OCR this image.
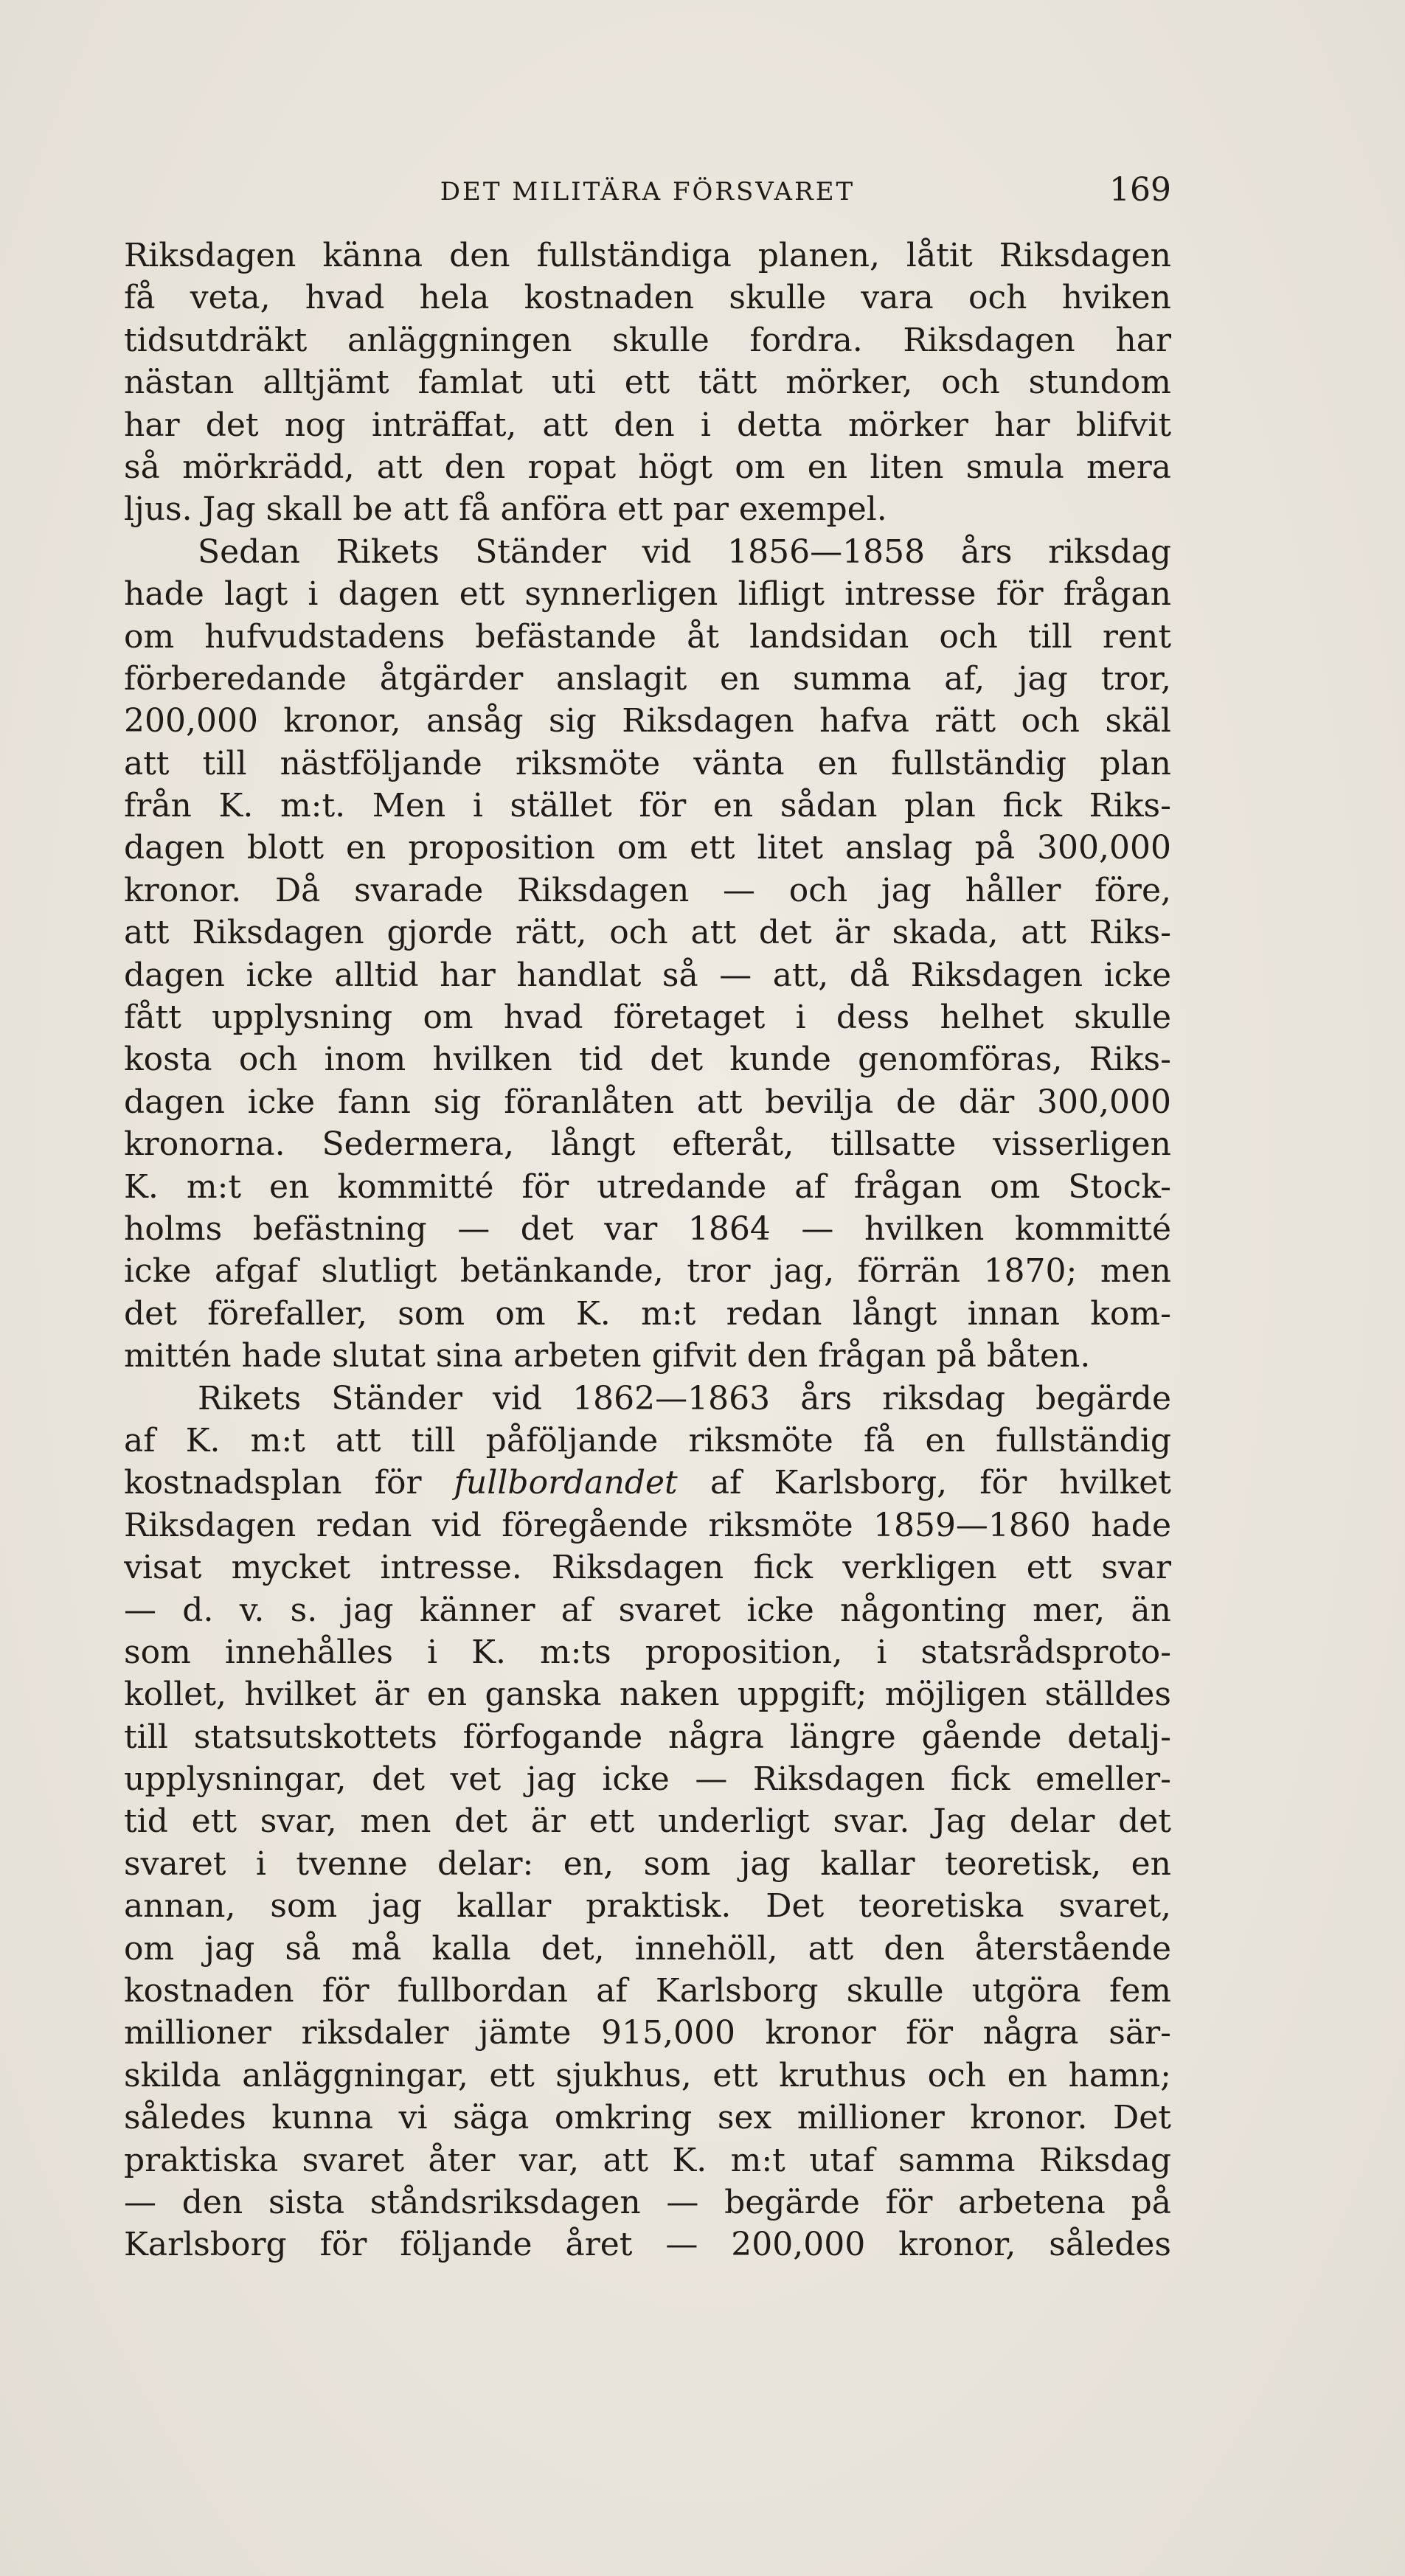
DET MILITÄRA FÖRSVARET	169
Riksdagen känna den fullständiga planen, låtit Riksdagen
få veta, hvad hela kostnaden skulle vara och hviken
tidsutdräkt anläggningen skulle fordra. Riksdagen har
nästan alltjämt famlat uti ett tätt mörker, och stundom
har det nog inträffat, att den i detta mörker har blifvit
så mörkrädd, att den ropat högt om en liten smula mera
ljus. Jag skall be att få anföra ett par exempel.
Sedan Rikets Ständer vid 1856—1858 års riksdag
hade lagt i dagen ett synnerligen lifligt intresse för frågan
om hufvudstadens befästande åt landsidan och till rent
förberedande åtgärder anslagit en summa af, jag tror,
200,000 kronor, ansåg sig Riksdagen hafva rätt och skäl
att till nästföljande riksmöte vänta en fullständig plan
från K. m:t. Men i stället för en sådan plan fick Riks-
dagen blott en proposition om ett litet anslag på 300,000
kronor. Då svarade Riksdagen — och jag håller före,
att Riksdagen gjorde rätt, och att det är skada, att Riks-
dagen icke alltid har handlat så — att, då Riksdagen icke
fått upplysning om hvad företaget i dess helhet skulle
kosta och inom hvilken tid det kunde genomföras, Riks-
dagen icke fann sig föranlåten att bevilja de där 300,000
kronorna. Sedermera, långt efteråt, tillsatte visserligen
K. m:t en kommitté för utredande af frågan om Stock-
holms befästning — det var 1864 — hvilken kommitté
icke afgaf slutligt betänkande, tror jag, förrän 1870; men
det förefaller, som om K. m:t redan långt innan kom-
mittén hade slutat sina arbeten gifvit den frågan på båten.
Rikets Ständer vid 1862—1863 års riksdag begärde
af K. m:t att till påföljande riksmöte få en fullständig
kostnadsplan för fullbordandet af Karlsborg, för hvilket
Riksdagen redan vid föregående riksmöte 1859—1860 hade
visat mycket intresse. Riksdagen fick verkligen ett svar
— d. v. s. jag känner af svaret icke någonting mer, än
som innehålles i K. m:ts proposition, i statsrådsproto-
kollet, hvilket är en ganska naken uppgift; möjligen ställdes
till statsutskottets förfogande några längre gående detalj-
upplysningar, det vet jag icke — Riksdagen fick emeller-
tid ett svar, men det är ett underligt svar. Jag delar det
svaret i tvenne delar: en, som jag kallar teoretisk, en
annan, som jag kallar praktisk. Det teoretiska svaret,
om jag så må kalla det, innehöll, att den återstående
kostnaden för fullbordan af Karlsborg skulle utgöra fem
millioner riksdaler jämte 915,000 kronor för några sär-
skilda anläggningar, ett sjukhus, ett kruthus och en hamn;
således kunna vi säga omkring sex millioner kronor. Det
praktiska svaret åter var, att K. m:t utaf samma Riksdag
— den sista ståndsriksdagen — begärde för arbetena på
Karlsborg för följande året — 200,000 kronor, således
